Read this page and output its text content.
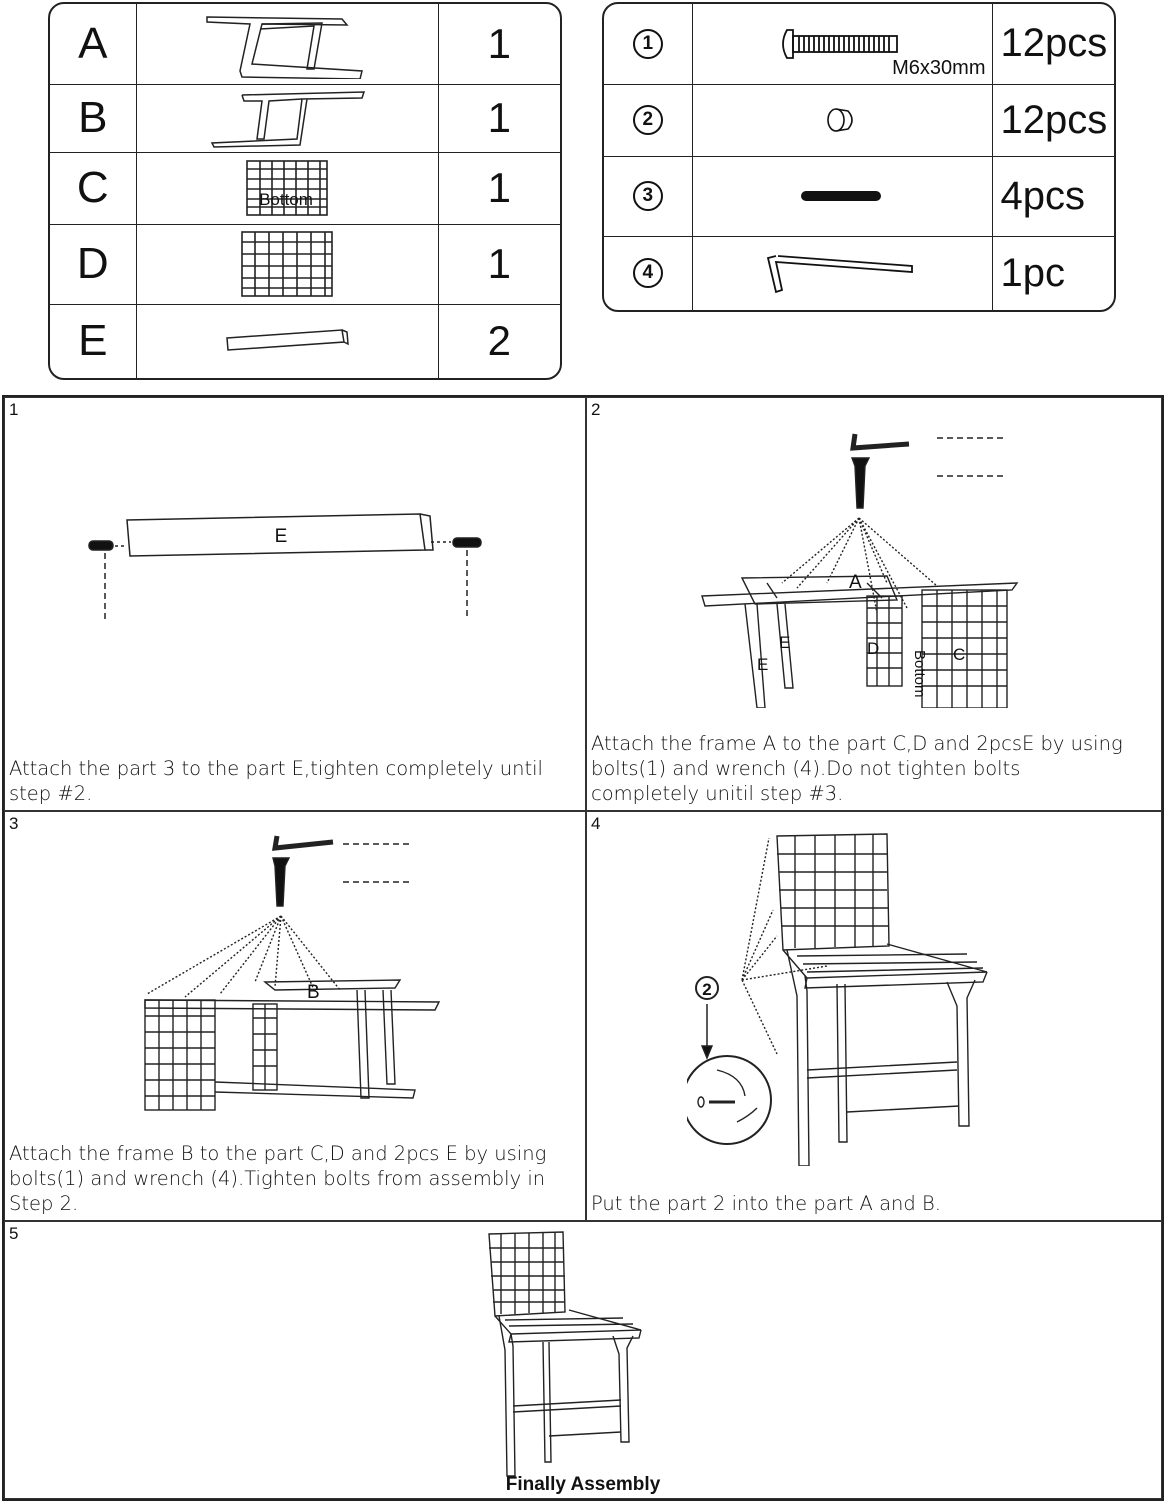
A		1
B		1
C	Bottom	1
D		1
E		2
1	M6x30mm	12pcs
2		12pcs
3		4pcs
4		1pc
1
E
Attach the part 3 to the part E,tighten completely until step #2.
2
A
E
E	D	C
Bottom
Attach the frame A to the part C,D and 2pcsE by using bolts(1) and wrench (4).Do not tighten bolts completely unitil step #3.
3
B
Attach the frame B to the part C,D and 2pcs E by using bolts(1) and wrench (4).Tighten bolts from assembly in Step 2.
4
2
Put the part 2 into the part A and B.
5
Finally Assembly
